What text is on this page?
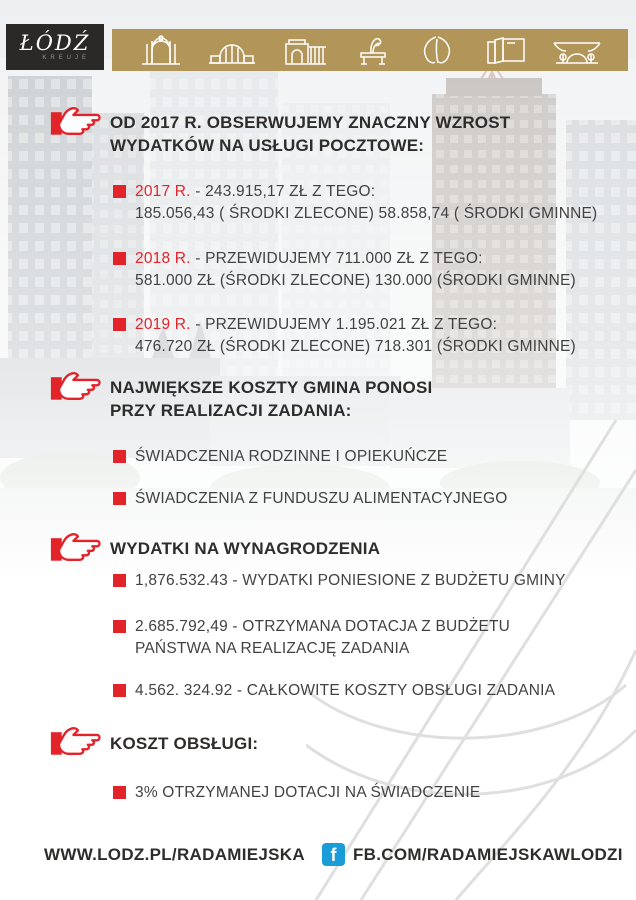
ŁÓDŹ
KREUJE
OD 2017 R. OBSERWUJEMY ZNACZNY WZROST
WYDATKÓW NA USŁUGI POCZTOWE:
2017 R. - 243.915,17 ZŁ Z TEGO:
185.056,43 ( ŚRODKI ZLECONE) 58.858,74 ( ŚRODKI GMINNE)
2018 R. - PRZEWIDUJEMY 711.000 ZŁ Z TEGO:
581.000 ZŁ (ŚRODKI ZLECONE) 130.000 (ŚRODKI GMINNE)
2019 R. - PRZEWIDUJEMY 1.195.021 ZŁ Z TEGO:
476.720 ZŁ (ŚRODKI ZLECONE) 718.301 (ŚRODKI GMINNE)
NAJWIĘKSZE KOSZTY GMINA PONOSI
PRZY REALIZACJI ZADANIA:
ŚWIADCZENIA RODZINNE I OPIEKUŃCZE
ŚWIADCZENIA Z FUNDUSZU ALIMENTACYJNEGO
WYDATKI NA WYNAGRODZENIA
1,876.532.43 - WYDATKI PONIESIONE Z BUDŻETU GMINY
2.685.792,49 - OTRZYMANA DOTACJA Z BUDŻETU
PAŃSTWA NA REALIZACJĘ ZADANIA
4.562. 324.92 - CAŁKOWITE KOSZTY OBSŁUGI ZADANIA
KOSZT OBSŁUGI:
3% OTRZYMANEJ DOTACJI NA ŚWIADCZENIE
WWW.LODZ.PL/RADAMIEJSKA f FB.COM/RADAMIEJSKAWLODZI
